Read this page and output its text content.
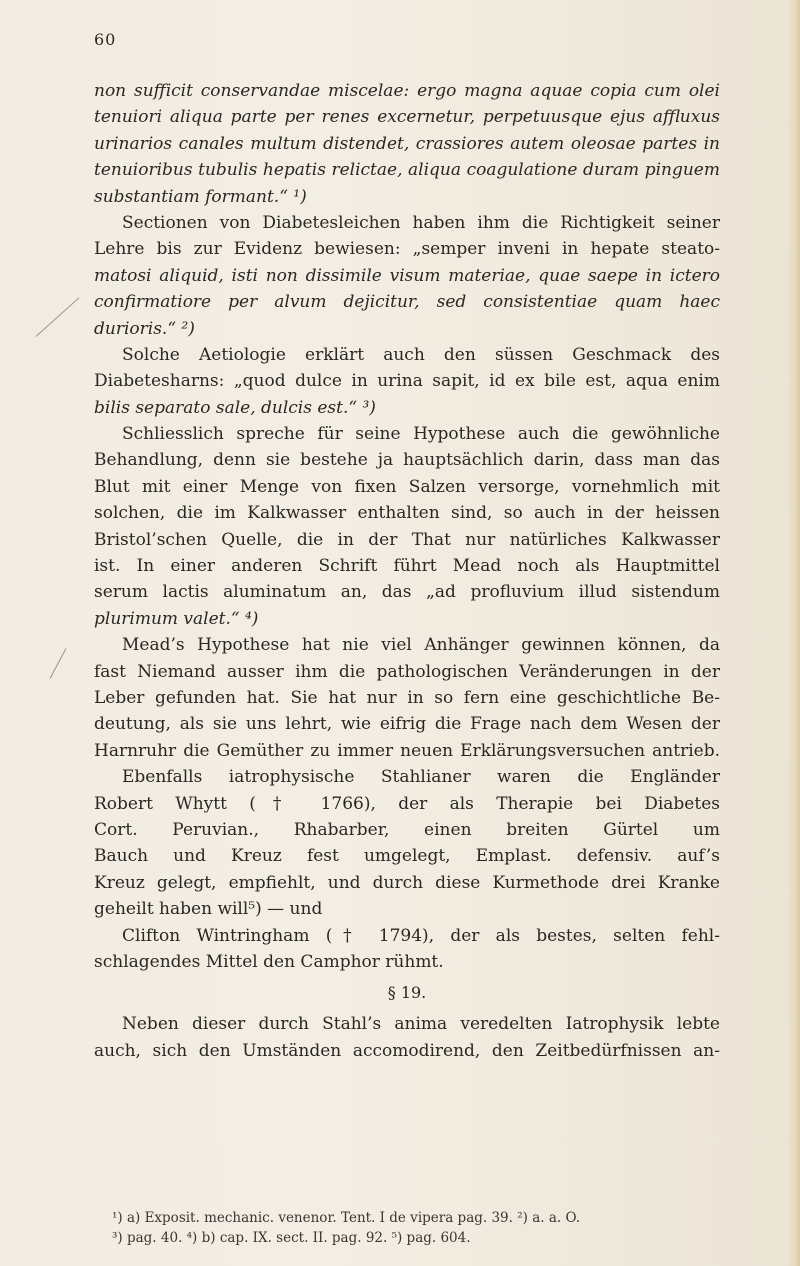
60
non sufficit conservandae miscelae: ergo magna aquae copia cum olei
tenuiori aliqua parte per renes excernetur, perpetuusque ejus affluxus
urinarios canales multum distendet, crassiores autem oleosae partes in
tenuioribus tubulis hepatis relictae, aliqua coagulatione duram pinguem
substantiam formant.“ ¹)
Sectionen von Diabetesleichen haben ihm die Richtigkeit seiner
Lehre bis zur Evidenz bewiesen: „semper inveni in hepate steato-
matosi aliquid, isti non dissimile visum materiae, quae saepe in ictero
confirmatiore per alvum dejicitur, sed consistentiae quam haec
durioris.“ ²)
Solche Aetiologie erklärt auch den süssen Geschmack des
Diabetesharns: „quod dulce in urina sapit, id ex bile est, aqua enim
bilis separato sale, dulcis est.“ ³)
Schliesslich spreche für seine Hypothese auch die gewöhnliche
Behandlung, denn sie bestehe ja hauptsächlich darin, dass man das
Blut mit einer Menge von fixen Salzen versorge, vornehmlich mit
solchen, die im Kalkwasser enthalten sind, so auch in der heissen
Bristol’schen Quelle, die in der That nur natürliches Kalkwasser
ist. In einer anderen Schrift führt Mead noch als Hauptmittel
serum lactis aluminatum an, das „ad profluvium illud sistendum
plurimum valet.“ ⁴)
Mead’s Hypothese hat nie viel Anhänger gewinnen können, da
fast Niemand ausser ihm die pathologischen Veränderungen in der
Leber gefunden hat. Sie hat nur in so fern eine geschichtliche Be-
deutung, als sie uns lehrt, wie eifrig die Frage nach dem Wesen der
Harnruhr die Gemüther zu immer neuen Erklärungsversuchen antrieb.
Ebenfalls iatrophysische Stahlianer waren die Engländer
Robert Whytt († 1766), der als Therapie bei Diabetes
Cort. Peruvian., Rhabarber, einen breiten Gürtel um
Bauch und Kreuz fest umgelegt, Emplast. defensiv. auf’s
Kreuz gelegt, empfiehlt, und durch diese Kurmethode drei Kranke
geheilt haben will⁵) — und
Clifton Wintringham († 1794), der als bestes, selten fehl-
schlagendes Mittel den Camphor rühmt.
§ 19.
Neben dieser durch Stahl’s anima veredelten Iatrophysik lebte
auch, sich den Umständen accomodirend, den Zeitbedürfnissen an-
¹) a) Exposit. mechanic. venenor. Tent. I de vipera pag. 39. ²) a. a. O.
³) pag. 40. ⁴) b) cap. IX. sect. II. pag. 92. ⁵) pag. 604.
